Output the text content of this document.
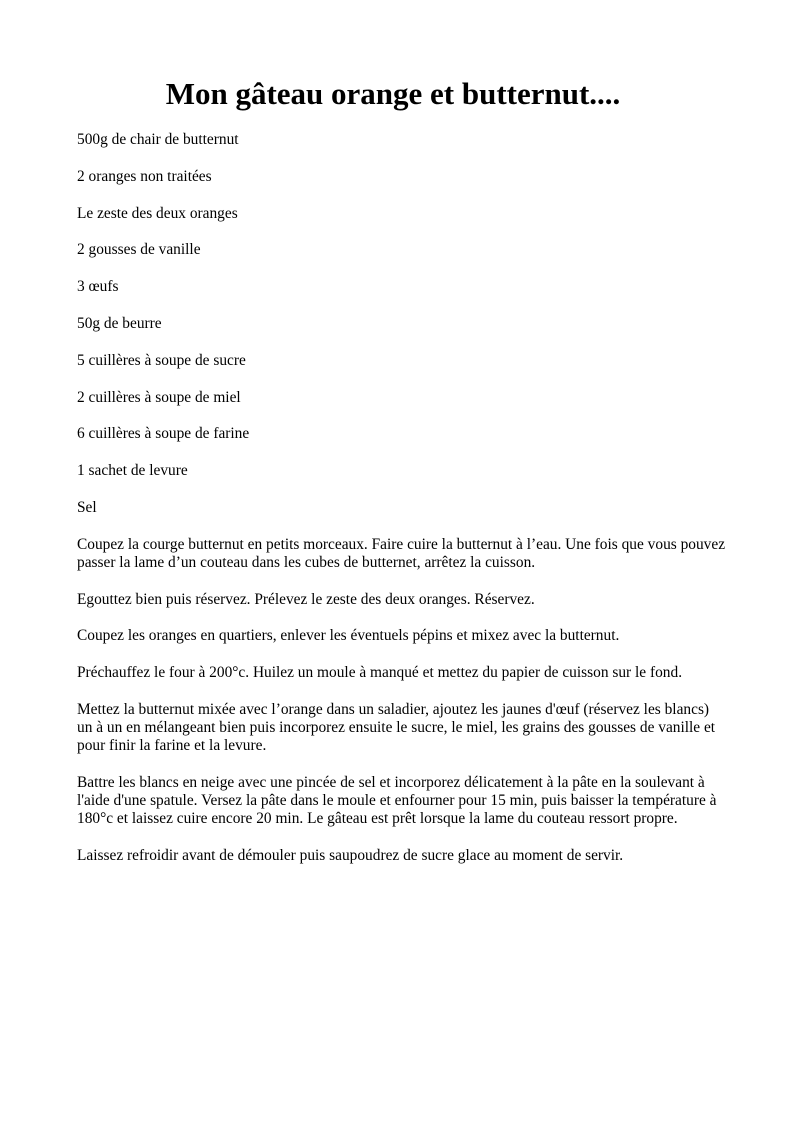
Mon gâteau orange et butternut....

500g de chair de butternut

2 oranges non traitées

Le zeste des deux oranges

2 gousses de vanille

3 œufs

50g de beurre

5 cuillères à soupe de sucre

2 cuillères à soupe de miel

6 cuillères à soupe de farine

1 sachet de levure

Sel

Coupez la courge butternut en petits morceaux. Faire cuire la butternut à l’eau. Une fois que vous pouvez passer la lame d’un couteau dans les cubes de butternet, arrêtez la cuisson.

Egouttez bien puis réservez. Prélevez le zeste des deux oranges. Réservez.

Coupez les oranges en quartiers, enlever les éventuels pépins et mixez avec la butternut.

Préchauffez le four à 200°c. Huilez un moule à manqué et mettez du papier de cuisson sur le fond.

Mettez la butternut mixée avec l’orange dans un saladier, ajoutez les jaunes d'œuf (réservez les blancs) un à un en mélangeant bien puis incorporez ensuite le sucre, le miel, les grains des gousses de vanille et pour finir la farine et la levure.

Battre les blancs en neige avec une pincée de sel et incorporez délicatement à la pâte en la soulevant à l'aide d'une spatule. Versez la pâte dans le moule et enfourner pour 15 min, puis baisser la température à 180°c et laissez cuire encore 20 min. Le gâteau est prêt lorsque la lame du couteau ressort propre.

Laissez refroidir avant de démouler puis saupoudrez de sucre glace au moment de servir.
